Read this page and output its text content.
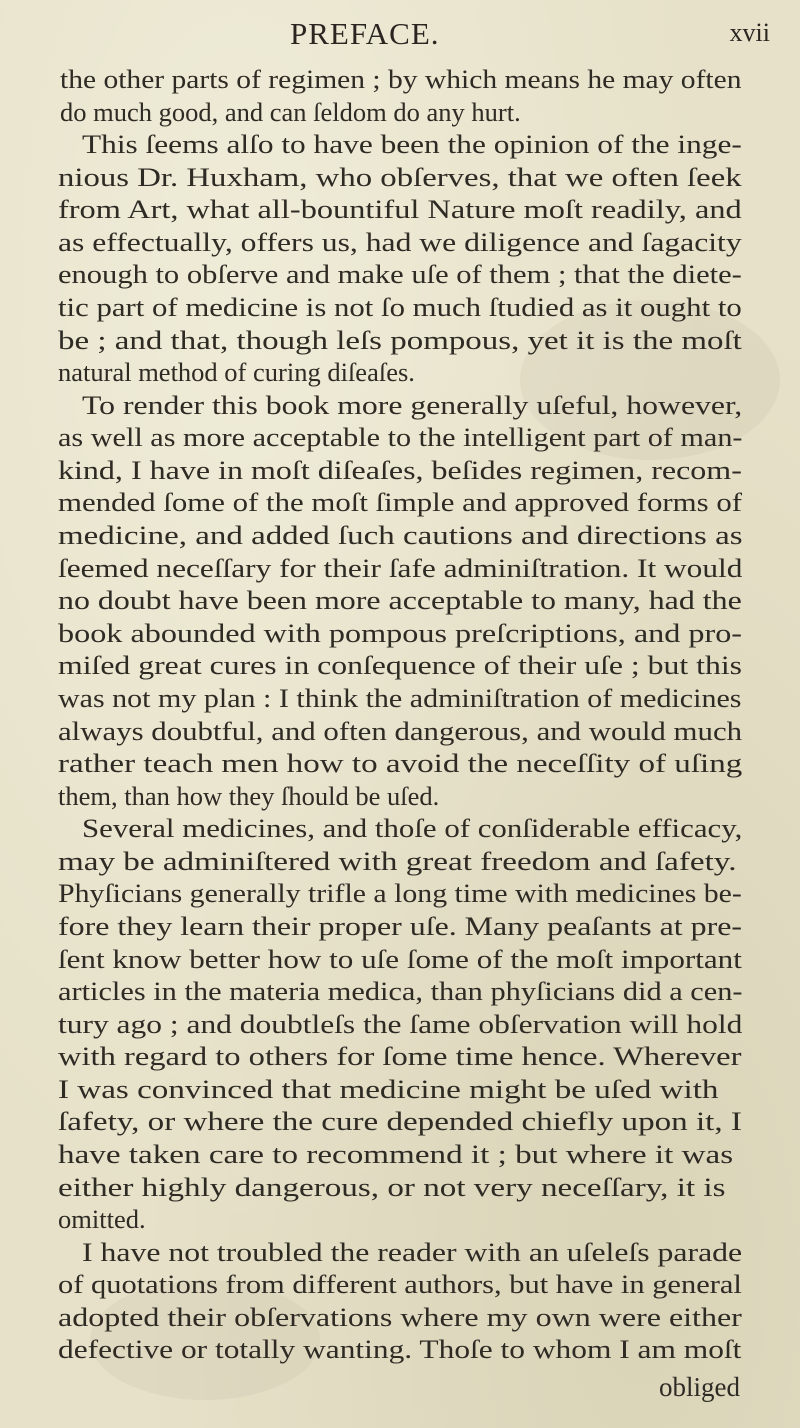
PREFACE.	xvii
the other parts of regimen ; by which means he may often
do much good, and can ſeldom do any hurt.
This ſeems alſo to have been the opinion of the inge-
nious Dr. Huxham, who obſerves, that we often ſeek
from Art, what all-bountiful Nature moſt readily, and
as effectually, offers us, had we diligence and ſagacity
enough to obſerve and make uſe of them ; that the diete-
tic part of medicine is not ſo much ſtudied as it ought to
be ; and that, though leſs pompous, yet it is the moſt
natural method of curing diſeaſes.
To render this book more generally uſeful, however,
as well as more acceptable to the intelligent part of man-
kind, I have in moſt diſeaſes, beſides regimen, recom-
mended ſome of the moſt ſimple and approved forms of
medicine, and added ſuch cautions and directions as
ſeemed neceſſary for their ſafe adminiſtration. It would
no doubt have been more acceptable to many, had the
book abounded with pompous preſcriptions, and pro-
miſed great cures in conſequence of their uſe ; but this
was not my plan : I think the adminiſtration of medicines
always doubtful, and often dangerous, and would much
rather teach men how to avoid the neceſſity of uſing
them, than how they ſhould be uſed.
Several medicines, and thoſe of conſiderable efficacy,
may be adminiſtered with great freedom and ſafety.
Phyſicians generally trifle a long time with medicines be-
fore they learn their proper uſe. Many peaſants at pre-
ſent know better how to uſe ſome of the moſt important
articles in the materia medica, than phyſicians did a cen-
tury ago ; and doubtleſs the ſame obſervation will hold
with regard to others for ſome time hence. Wherever
I was convinced that medicine might be uſed with
ſafety, or where the cure depended chiefly upon it, I
have taken care to recommend it ; but where it was
either highly dangerous, or not very neceſſary, it is
omitted.
I have not troubled the reader with an uſeleſs parade
of quotations from different authors, but have in general
adopted their obſervations where my own were either
defective or totally wanting. Thoſe to whom I am moſt
obliged
